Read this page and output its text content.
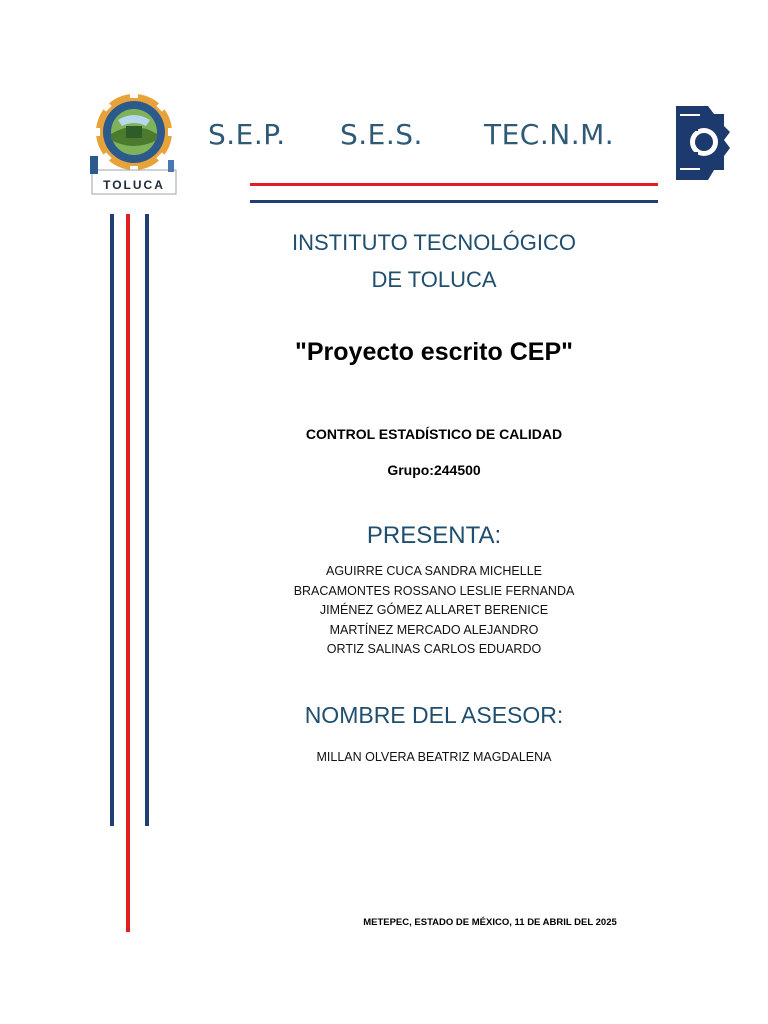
TOLUCA
S.E.P. S.E.S. TEC.N.M.
INSTITUTO TECNOLÓGICO
DE TOLUCA
"Proyecto escrito CEP"
CONTROL ESTADÍSTICO DE CALIDAD
Grupo:244500
PRESENTA:
AGUIRRE CUCA SANDRA MICHELLE
BRACAMONTES ROSSANO LESLIE FERNANDA
JIMÉNEZ GÓMEZ ALLARET BERENICE
MARTÍNEZ MERCADO ALEJANDRO
ORTIZ SALINAS CARLOS EDUARDO
NOMBRE DEL ASESOR:
MILLAN OLVERA BEATRIZ MAGDALENA
METEPEC, ESTADO DE MÉXICO, 11 DE ABRIL DEL 2025
